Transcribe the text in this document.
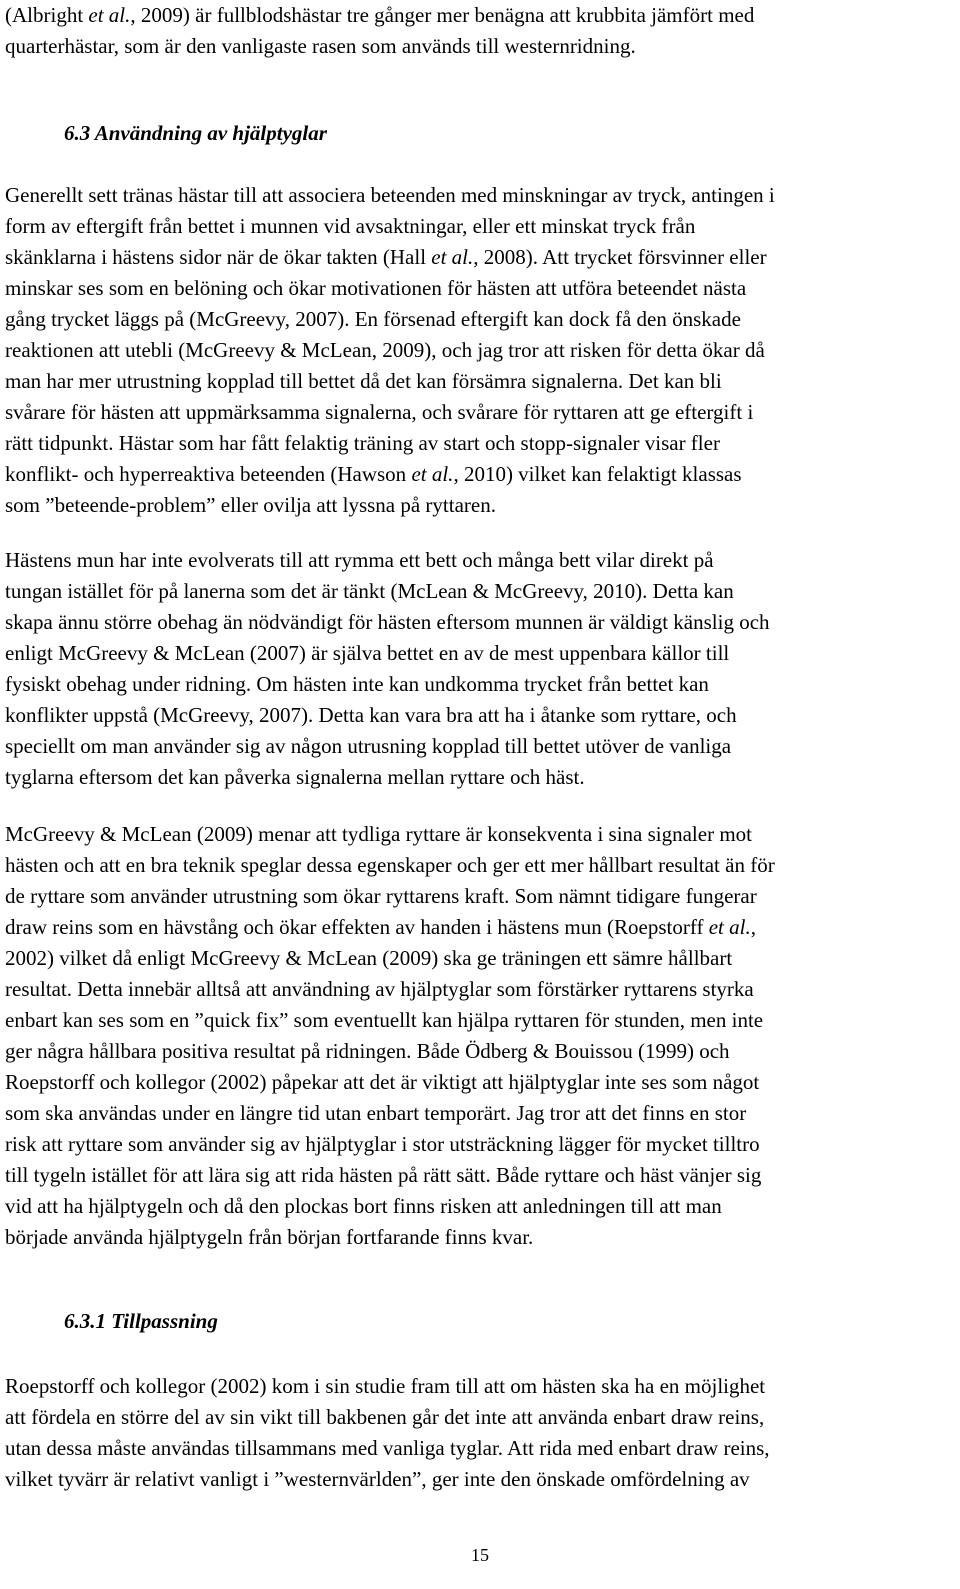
(Albright et al., 2009) är fullblodshästar tre gånger mer benägna att krubbita jämfört med quarterhästar, som är den vanligaste rasen som används till westernridning.
6.3 Användning av hjälptyglar
Generellt sett tränas hästar till att associera beteenden med minskningar av tryck, antingen i form av eftergift från bettet i munnen vid avsaktningar, eller ett minskat tryck från skänklarna i hästens sidor när de ökar takten (Hall et al., 2008). Att trycket försvinner eller minskar ses som en belöning och ökar motivationen för hästen att utföra beteendet nästa gång trycket läggs på (McGreevy, 2007). En försenad eftergift kan dock få den önskade reaktionen att utebli (McGreevy & McLean, 2009), och jag tror att risken för detta ökar då man har mer utrustning kopplad till bettet då det kan försämra signalerna. Det kan bli svårare för hästen att uppmärksamma signalerna, och svårare för ryttaren att ge eftergift i rätt tidpunkt. Hästar som har fått felaktig träning av start och stopp-signaler visar fler konflikt- och hyperreaktiva beteenden (Hawson et al., 2010) vilket kan felaktigt klassas som ”beteende-problem” eller ovilja att lyssna på ryttaren.
Hästens mun har inte evolverats till att rymma ett bett och många bett vilar direkt på tungan istället för på lanerna som det är tänkt (McLean & McGreevy, 2010). Detta kan skapa ännu större obehag än nödvändigt för hästen eftersom munnen är väldigt känslig och enligt McGreevy & McLean (2007) är själva bettet en av de mest uppenbara källor till fysiskt obehag under ridning. Om hästen inte kan undkomma trycket från bettet kan konflikter uppstå (McGreevy, 2007). Detta kan vara bra att ha i åtanke som ryttare, och speciellt om man använder sig av någon utrusning kopplad till bettet utöver de vanliga tyglarna eftersom det kan påverka signalerna mellan ryttare och häst.
McGreevy & McLean (2009) menar att tydliga ryttare är konsekventa i sina signaler mot hästen och att en bra teknik speglar dessa egenskaper och ger ett mer hållbart resultat än för de ryttare som använder utrustning som ökar ryttarens kraft. Som nämnt tidigare fungerar draw reins som en hävstång och ökar effekten av handen i hästens mun (Roepstorff et al., 2002) vilket då enligt McGreevy & McLean (2009) ska ge träningen ett sämre hållbart resultat. Detta innebär alltså att användning av hjälptyglar som förstärker ryttarens styrka enbart kan ses som en ”quick fix” som eventuellt kan hjälpa ryttaren för stunden, men inte ger några hållbara positiva resultat på ridningen. Både Ödberg & Bouissou (1999) och Roepstorff och kollegor (2002) påpekar att det är viktigt att hjälptyglar inte ses som något som ska användas under en längre tid utan enbart temporärt. Jag tror att det finns en stor risk att ryttare som använder sig av hjälptyglar i stor utsträckning lägger för mycket tilltro till tygeln istället för att lära sig att rida hästen på rätt sätt. Både ryttare och häst vänjer sig vid att ha hjälptygeln och då den plockas bort finns risken att anledningen till att man började använda hjälptygeln från början fortfarande finns kvar.
6.3.1 Tillpassning
Roepstorff och kollegor (2002) kom i sin studie fram till att om hästen ska ha en möjlighet att fördela en större del av sin vikt till bakbenen går det inte att använda enbart draw reins, utan dessa måste användas tillsammans med vanliga tyglar. Att rida med enbart draw reins, vilket tyvärr är relativt vanligt i ”westernvärlden”, ger inte den önskade omfördelning av
15
